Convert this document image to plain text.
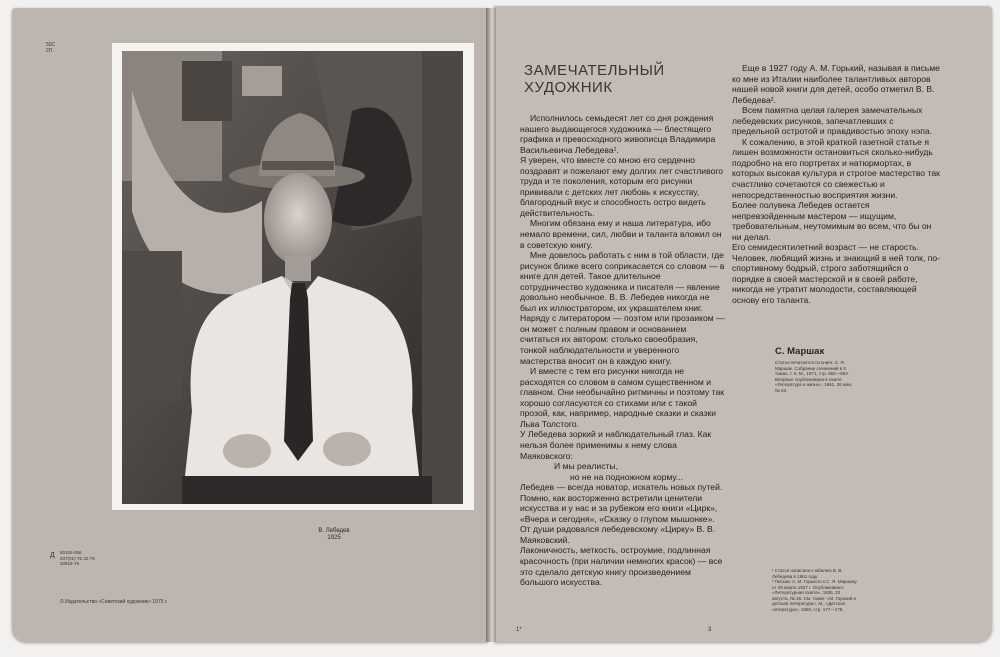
50С
2Л
В. Лебедев
1925
Д 80105-056
037(01)-76 32-75
30816-75
© Издательство «Советский художник» 1975 г.
ЗАМЕЧАТЕЛЬНЫЙ
ХУДОЖНИК

Исполнилось семьдесят лет со дня рождения нашего выдающегося художника — блестящего графика и превосходного живописца Владимира Васильевича Лебедева¹.

Я уверен, что вместе со мною его сердечно поздравят и пожелают ему долгих лет счастливого труда и те поколения, которым его рисунки прививали с детских лет любовь к искусству, благородный вкус и способность остро видеть действительность.

Многим обязана ему и наша литература, ибо немало времени, сил, любви и таланта вложил он в советскую книгу.

Мне довелось работать с ним в той области, где рисунок ближе всего соприкасается со словом — в книге для детей. Такое длительное сотрудничество художника и писателя — явление довольно необычное. В. В. Лебедев никогда не был их иллюстратором, их украшателем книг. Наряду с литератором — поэтом или прозаиком — он может с полным правом и основанием считаться их автором: столько своеобразия, тонкой наблюдательности и уверенного мастерства вносит он в каждую книгу.

И вместе с тем его рисунки никогда не расходятся со словом в самом существенном и главном. Они необычайно ритмичны и поэтому так хорошо согласуются со стихами или с такой прозой, как, например, народные сказки и сказки Льва Толстого.

У Лебедева зоркий и наблюдательный глаз. Как нельзя более применимы к нему слова Маяковского:

И мы реалисты,

но не на подножном корму...

Лебедев — всегда новатор, искатель новых путей. Помню, как восторженно встретили ценители искусства и у нас и за рубежом его книги «Цирк», «Вчера и сегодня», «Сказку о глупом мышонке».

От души радовался лебедевскому «Цирку» В. В. Маяковский.

Лаконичность, меткость, остроумие, подлинная красочность (при наличии немногих красок) — все это сделало детскую книгу произведением большого искусства.

Еще в 1927 году А. М. Горький, называя в письме ко мне из Италии наиболее талантливых авторов нашей новой книги для детей, особо отметил В. В. Лебедева².

Всем памятна целая галерея замечательных лебедевских рисунков, запечатлевших с предельной остротой и правдивостью эпоху нэпа.

К сожалению, в этой краткой газетной статье я лишен возможности остановиться сколько-нибудь подробно на его портретах и натюрмортах, в которых высокая культура и строгое мастерство так счастливо сочетаются со свежестью и непосредственностью восприятия жизни.

Более полувека Лебедев остается непревзойденным мастером — ищущим, требовательным, неутомимым во всем, что бы он ни делал.

Его семидесятилетний возраст — не старость.

Человек, любящий жизнь и знающий в ней толк, по-спортивному бодрый, строго заботящийся о порядке в своей мастерской и в своей работе, никогда не утратит молодости, составляющей основу его таланта.

С. Маршак
Статья печатается по книге: С. Я. Маршак. Собрание сочинений в 8 томах, т. 6. М., 1971, стр. 562—563. Впервые опубликована в газете «Литература и жизнь», 1961, 26 мая, № 63.
¹ Статья написана к юбилею В. В. Лебедева в 1961 году.
² Письмо А. М. Горького к С. Я. Маршаку от 29 марта 1927 г. Опубликовано: «Литературная газета», 1936, 20 августа, № 46. См. также: «М. Горький и детская литература», М., «Детская литература», 1968, стр. 177—178.
1*	3
